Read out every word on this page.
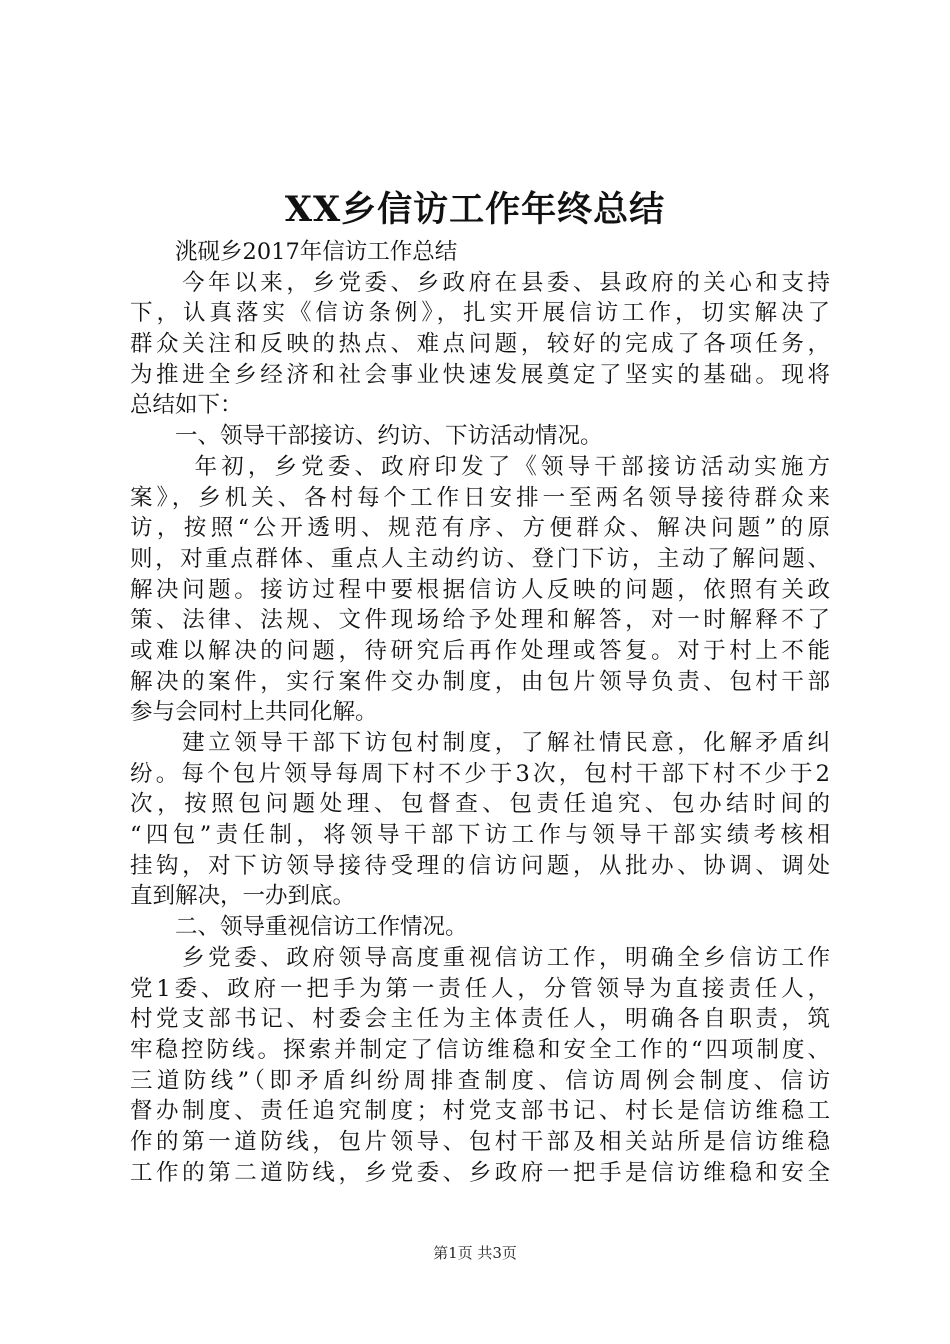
XX乡信访工作年终总结
　　洮砚乡2017年信访工作总结
　　今年以来，乡党委、乡政府在县委、县政府的关心和支持
下，认真落实《信访条例》，扎实开展信访工作，切实解决了
群众关注和反映的热点、难点问题，较好的完成了各项任务，
为推进全乡经济和社会事业快速发展奠定了坚实的基础。现将
总结如下：
　　一、领导干部接访、约访、下访活动情况。
　　 年初，乡党委、政府印发了《领导干部接访活动实施方
案》，乡机关、各村每个工作日安排一至两名领导接待群众来
访，按照“公开透明、规范有序、方便群众、解决问题”的原
则，对重点群体、重点人主动约访、登门下访，主动了解问题、
解决问题。接访过程中要根据信访人反映的问题，依照有关政
策、法律、法规、文件现场给予处理和解答，对一时解释不了
或难以解决的问题，待研究后再作处理或答复。对于村上不能
解决的案件，实行案件交办制度，由包片领导负责、包村干部
参与会同村上共同化解。
　　建立领导干部下访包村制度，了解社情民意，化解矛盾纠
纷。每个包片领导每周下村不少于3次，包村干部下村不少于2
次，按照包问题处理、包督查、包责任追究、包办结时间的
“四包”责任制，将领导干部下访工作与领导干部实绩考核相
挂钩，对下访领导接待受理的信访问题，从批办、协调、调处
直到解决，一办到底。
　　二、领导重视信访工作情况。
　　乡党委、政府领导高度重视信访工作，明确全乡信访工作
党1委、政府一把手为第一责任人，分管领导为直接责任人，
村党支部书记、村委会主任为主体责任人，明确各自职责，筑
牢稳控防线。探索并制定了信访维稳和安全工作的“四项制度、
三道防线”（即矛盾纠纷周排查制度、信访周例会制度、信访
督办制度、责任追究制度；村党支部书记、村长是信访维稳工
作的第一道防线，包片领导、包村干部及相关站所是信访维稳
工作的第二道防线，乡党委、乡政府一把手是信访维稳和安全
第1页 共3页
